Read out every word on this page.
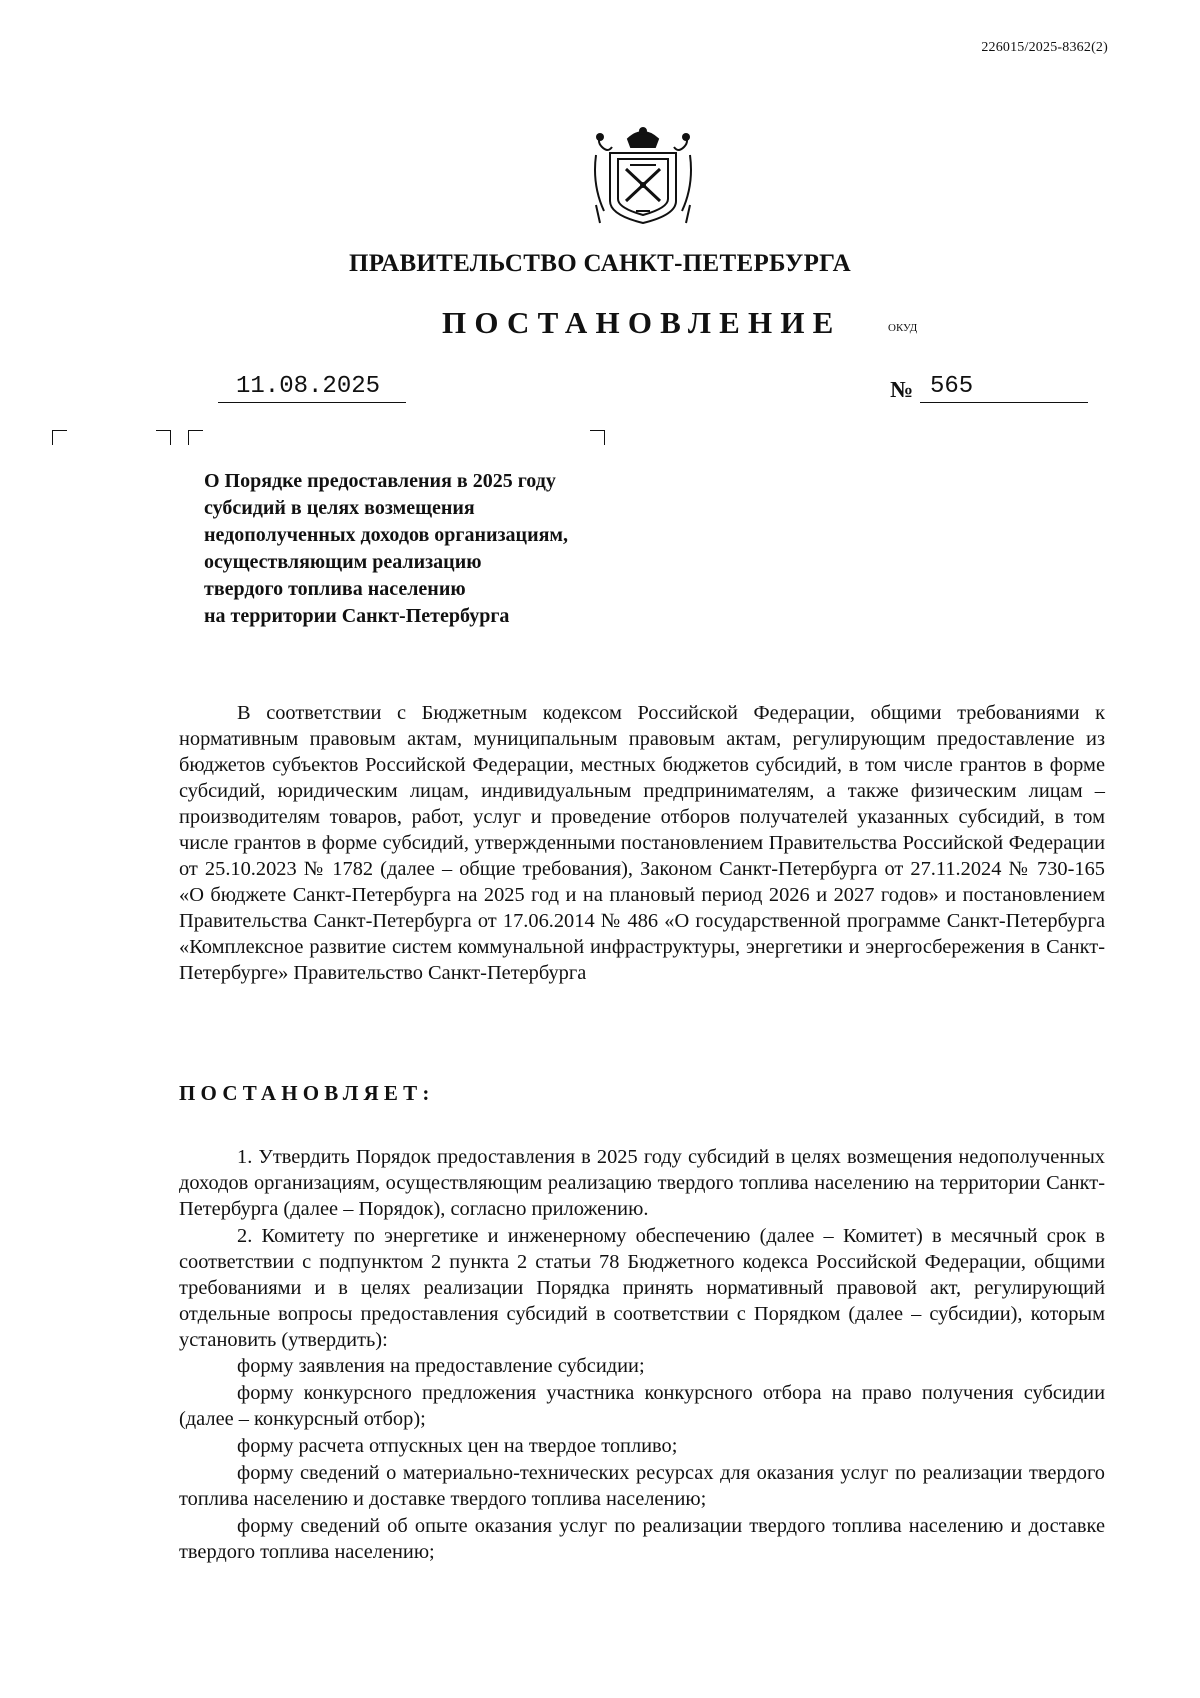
226015/2025-8362(2)
ПРАВИТЕЛЬСТВО САНКТ-ПЕТЕРБУРГА
ПОСТАНОВЛЕНИЕ	ОКУД
11.08.2025	№ 565
О Порядке предоставления в 2025 году
субсидий в целях возмещения
недополученных доходов организациям,
осуществляющим реализацию
твердого топлива населению
на территории Санкт-Петербурга
В соответствии с Бюджетным кодексом Российской Федерации, общими требованиями к нормативным правовым актам, муниципальным правовым актам, регулирующим предоставление из бюджетов субъектов Российской Федерации, местных бюджетов субсидий, в том числе грантов в форме субсидий, юридическим лицам, индивидуальным предпринимателям, а также физическим лицам – производителям товаров, работ, услуг и проведение отборов получателей указанных субсидий, в том числе грантов в форме субсидий, утвержденными постановлением Правительства Российской Федерации от 25.10.2023 № 1782 (далее – общие требования), Законом Санкт-Петербурга от 27.11.2024 № 730-165 «О бюджете Санкт-Петербурга на 2025 год и на плановый период 2026 и 2027 годов» и постановлением Правительства Санкт-Петербурга от 17.06.2014 № 486 «О государственной программе Санкт-Петербурга «Комплексное развитие систем коммунальной инфраструктуры, энергетики и энергосбережения в Санкт-Петербурге» Правительство Санкт-Петербурга
ПОСТАНОВЛЯЕТ:
1. Утвердить Порядок предоставления в 2025 году субсидий в целях возмещения недополученных доходов организациям, осуществляющим реализацию твердого топлива населению на территории Санкт-Петербурга (далее – Порядок), согласно приложению.
2. Комитету по энергетике и инженерному обеспечению (далее – Комитет) в месячный срок в соответствии с подпунктом 2 пункта 2 статьи 78 Бюджетного кодекса Российской Федерации, общими требованиями и в целях реализации Порядка принять нормативный правовой акт, регулирующий отдельные вопросы предоставления субсидий в соответствии с Порядком (далее – субсидии), которым установить (утвердить):
форму заявления на предоставление субсидии;
форму конкурсного предложения участника конкурсного отбора на право получения субсидии (далее – конкурсный отбор);
форму расчета отпускных цен на твердое топливо;
форму сведений о материально-технических ресурсах для оказания услуг по реализации твердого топлива населению и доставке твердого топлива населению;
форму сведений об опыте оказания услуг по реализации твердого топлива населению и доставке твердого топлива населению;
